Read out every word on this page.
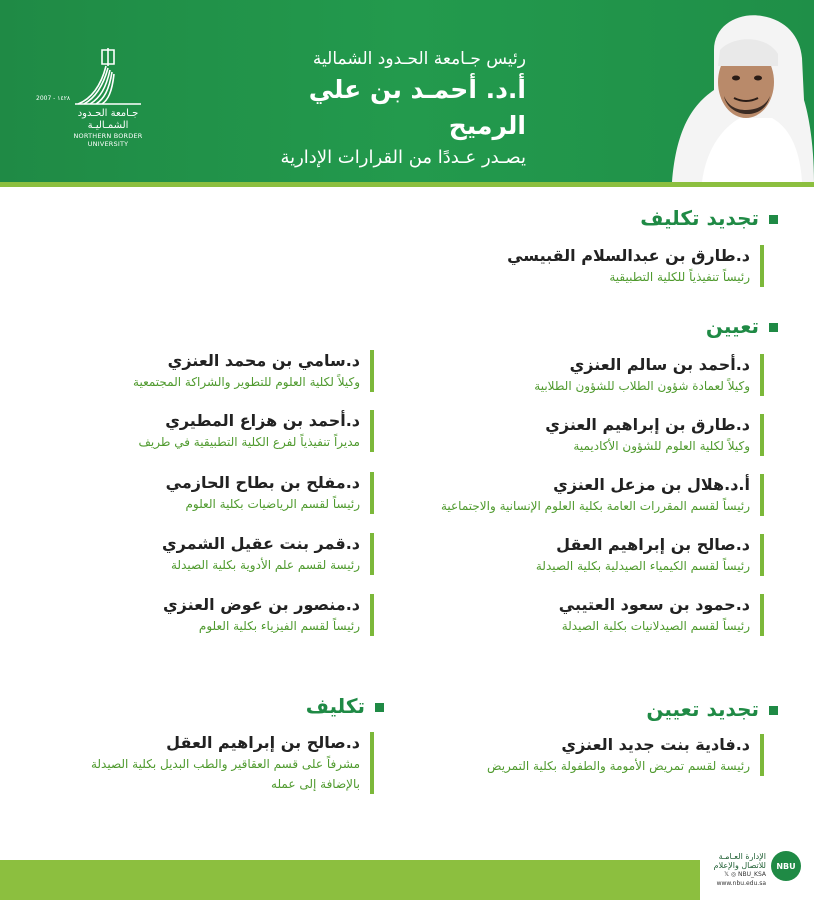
جـامعة الحـدود الشمـاليـة
NORTHERN BORDER UNIVERSITY
2007 - ١٤٢٨
رئيس جـامعة الحـدود الشمالية
أ.د. أحمـد بن علي الرميح
يصـدر عـددًا من القرارات الإدارية
تجديد تكليف
د.طارق بن عبدالسلام القبيسي
رئيساً تنفيذياً للكلية التطبيقية
تعيين
د.أحمد بن سالم العنزي
وكيلاً لعمادة شؤون الطلاب للشؤون الطلابية
د.طارق بن إبراهيم العنزي
وكيلاً لكلية العلوم للشؤون الأكاديمية
أ.د.هلال بن مزعل العنزي
رئيساً لقسم المقررات العامة بكلية العلوم الإنسانية والاجتماعية
د.صالح بن إبراهيم العقل
رئيساً لقسم الكيمياء الصيدلية بكلية الصيدلة
د.حمود بن سعود العتيبي
رئيساً لقسم الصيدلانيات بكلية الصيدلة
د.سامي بن محمد العنزي
وكيلاً لكلية العلوم للتطوير والشراكة المجتمعية
د.أحمد بن هزاع المطيري
مديراً تنفيذياً لفرع الكلية التطبيقية في طريف
د.مفلح بن بطاح الحازمي
رئيساً لقسم الرياضيات بكلية العلوم
د.قمر بنت عقيل الشمري
رئيسة لقسم علم الأدوية بكلية الصيدلة
د.منصور بن عوض العنزي
رئيساً لقسم الفيزياء بكلية العلوم
تجديد تعيين
د.فادية بنت جديد العنزي
رئيسة لقسم تمريض الأمومة والطفولة بكلية التمريض
تكليف
د.صالح بن إبراهيم العقل
مشرفاً على قسم العقاقير والطب البديل بكلية الصيدلة
بالإضافة إلى عمله
NBU
الإدارة العـامـة للاتصال والإعلام
𝕏 ◎ NBU_KSA
www.nbu.edu.sa
